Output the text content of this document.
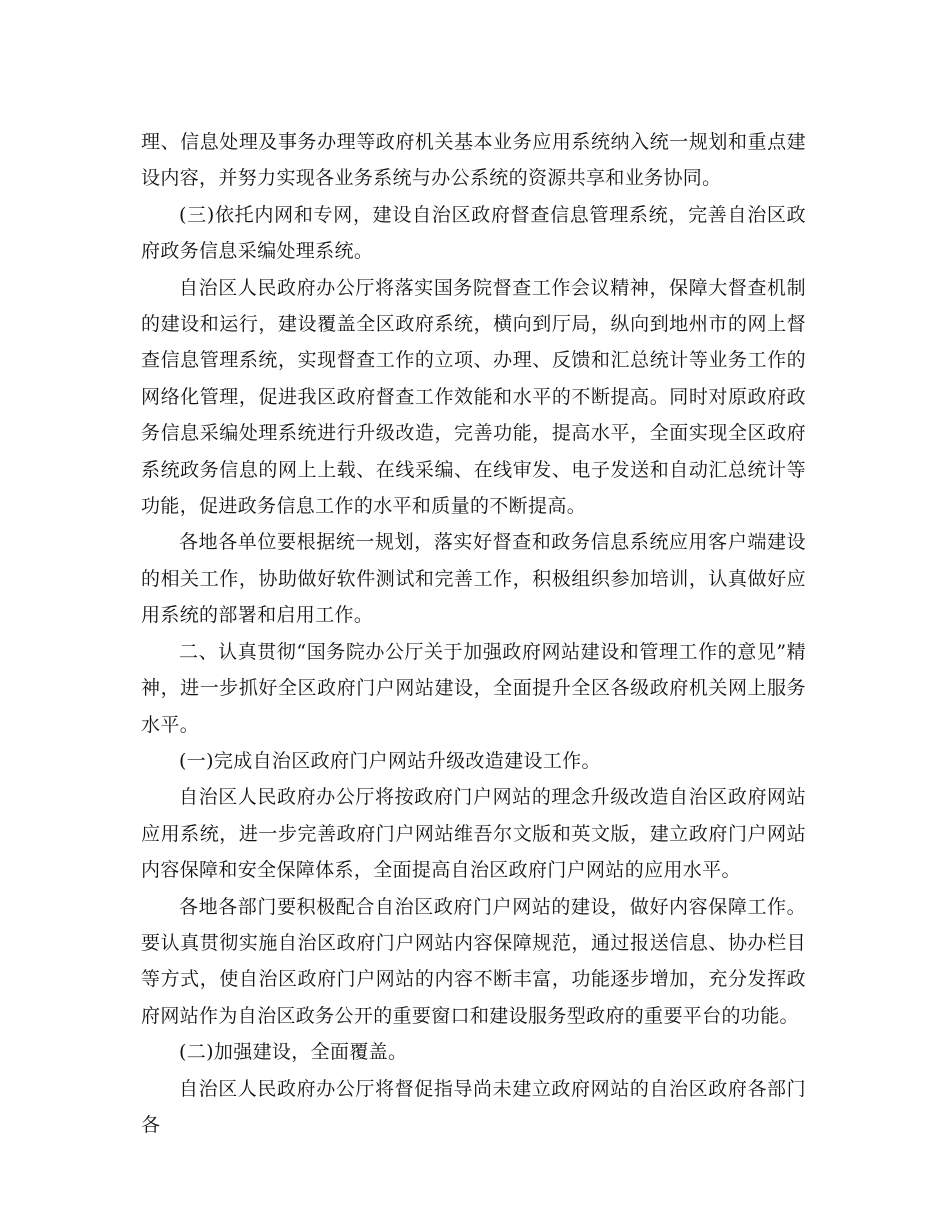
理、信息处理及事务办理等政府机关基本业务应用系统纳入统一规划和重点建设内容，并努力实现各业务系统与办公系统的资源共享和业务协同。

(三)依托内网和专网，建设自治区政府督查信息管理系统，完善自治区政府政务信息采编处理系统。

自治区人民政府办公厅将落实国务院督查工作会议精神，保障大督查机制的建设和运行，建设覆盖全区政府系统，横向到厅局，纵向到地州市的网上督查信息管理系统，实现督查工作的立项、办理、反馈和汇总统计等业务工作的网络化管理，促进我区政府督查工作效能和水平的不断提高。同时对原政府政务信息采编处理系统进行升级改造，完善功能，提高水平，全面实现全区政府系统政务信息的网上上载、在线采编、在线审发、电子发送和自动汇总统计等功能，促进政务信息工作的水平和质量的不断提高。

各地各单位要根据统一规划，落实好督查和政务信息系统应用客户端建设的相关工作，协助做好软件测试和完善工作，积极组织参加培训，认真做好应用系统的部署和启用工作。

二、认真贯彻“国务院办公厅关于加强政府网站建设和管理工作的意见”精神，进一步抓好全区政府门户网站建设，全面提升全区各级政府机关网上服务水平。

(一)完成自治区政府门户网站升级改造建设工作。

自治区人民政府办公厅将按政府门户网站的理念升级改造自治区政府网站应用系统，进一步完善政府门户网站维吾尔文版和英文版，建立政府门户网站内容保障和安全保障体系，全面提高自治区政府门户网站的应用水平。

各地各部门要积极配合自治区政府门户网站的建设，做好内容保障工作。要认真贯彻实施自治区政府门户网站内容保障规范，通过报送信息、协办栏目等方式，使自治区政府门户网站的内容不断丰富，功能逐步增加，充分发挥政府网站作为自治区政务公开的重要窗口和建设服务型政府的重要平台的功能。

(二)加强建设，全面覆盖。

自治区人民政府办公厅将督促指导尚未建立政府网站的自治区政府各部门各
